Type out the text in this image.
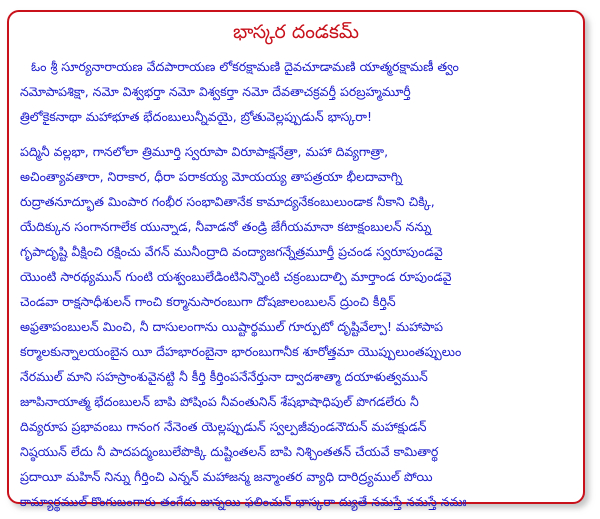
భాస్కర దండకమ్
ఓం శ్రీ సూర్యనారాయణ వేదపారాయణ లోకరక్షామణి దైవచూడామణి యాత్మరక్షామణీ త్వం
నమోపాపశిక్షా, నమో విశ్వభర్తా నమో విశ్వకర్తా నమో దేవతాచక్రవర్తీ పరబ్రహ్మమూర్తీ
త్రిలోకైకనాథా మహాభూత భేదంబులున్నీవయై, బ్రోతువెల్లప్పుడున్ భాస్కరా!
పద్మినీ వల్లభా, గానలోలా త్రిమూర్తి స్వరూపా విరూపాక్షనేత్రా, మహా దివ్యగాత్రా,
అచింత్యావతారా, నిరాకార, ధీరా పరాకయ్య మోయయ్య తాపత్రయా భీలదావాగ్ని
రుద్రాతనూద్భూత మింపార గంభీర సంభావితానేక కామాద్యనేకంబులుండాక నీకాని చిక్కి,
యేదిక్కున సంగానగాలేక యున్నాడ, నీవాడనో తండ్రి జేగీయమానా కటాక్షంబులన్ నన్ను
గృపాదృష్టి వీక్షించి రక్షించు వేగన్ మునీంద్రాది వంద్యాజగన్నేత్రమూర్తీ ప్రచండ స్వరూపుండవై
యొంటి సారథ్యమున్ గుంటి యశ్వంబులేడింటినిన్నొంటి చక్రంబుదాల్పి మార్తాండ రూపుండవై
చెండవా రాక్షసాధీశులన్ గాంచి కర్మానుసారంబుగా దోషజాలంబులన్ ద్రుంచి కీర్తిన్
అఫ్రతాపంబులన్ మించి, నీ దాసులంగాను యిష్టార్థముల్ గూర్పుటో దృష్టివేల్పా! మహాపాప
కర్మాలకున్నాలయంబైన యీ దేహభారంబైనా భారంబుగానీక శూరోత్తమా యొప్పులుంతప్పులుం
నేరముల్ మాని సహస్రాంశువైనట్టి నీ కీర్తి కీర్తింపనేనేర్తునా ద్వాదశాత్మా దయాళుత్వమున్
జూపినాయాత్మ భేదంబులన్ బాపి పోషింప నీవంతునిన్ శేషభాషాధిపుల్ పొగడలేరు నీ
దివ్యరూప ప్రభావంబు గానంగ నేనెంత యెల్లప్పుడున్ స్వల్పజీవుండనౌదున్ మహాక్షుడన్
నిష్ఠయున్ లేదు నీ పాదపద్మంబులేపొక్కి దుష్టింతలన్ బాపి నిశ్చింతతన్ చేయవే కామితార్థ
ప్రదాయీ మహిన్ నిన్ను గీర్తించి ఎన్నన్ మహాజన్మ జన్మాంతర వ్యాధి దారిద్ర్యముల్ పోయి
కామ్యార్థముల్ కొంగుబంగారు తంగేదు జున్నయి ఫలించున్ భాస్కరా ద్యుతే నమస్తే నమస్తే నమః
